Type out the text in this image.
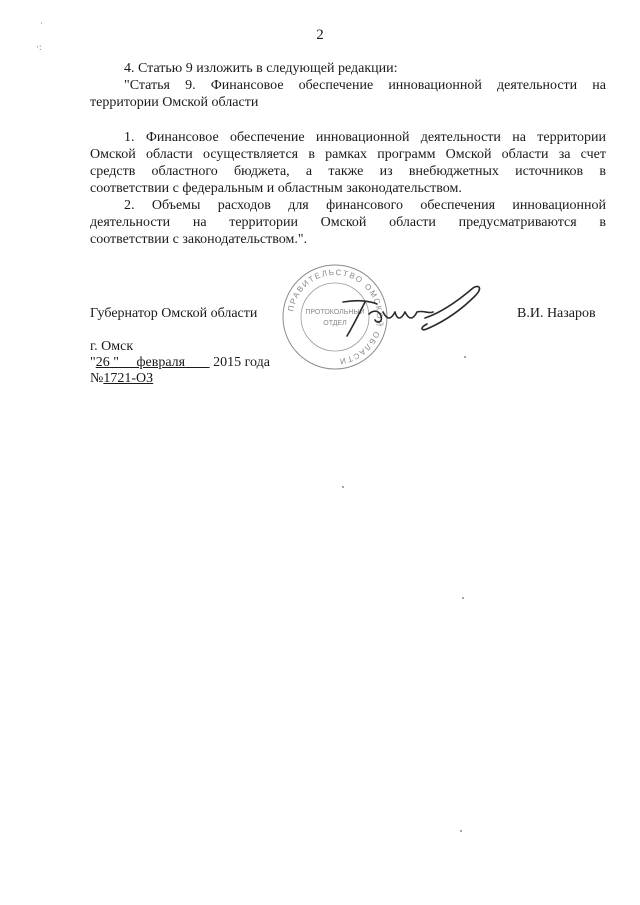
2
·
·:

4. Статью 9 изложить в следующей редакции:

"Статья 9. Финансовое обеспечение инновационной деятельности на

территории Омской области

1. Финансовое обеспечение инновационной деятельности на территории

Омской области осуществляется в рамках программ Омской области за счет

средств областного бюджета, а также из внебюджетных источников в

соответствии с федеральным и областным законодательством.

2. Объемы расходов для финансового обеспечения инновационной

деятельности на территории Омской области предусматриваются в

соответствии с законодательством.".

ПРАВИТЕЛЬСТВО ОМСКОЙ ОБЛАСТИ
ПРОТОКОЛЬНЫЙ
ОТДЕЛ
Губернатор Омской области	В.И. Назаров
г. Омск
"26 " февраля        2015 года
№1721-ОЗ
